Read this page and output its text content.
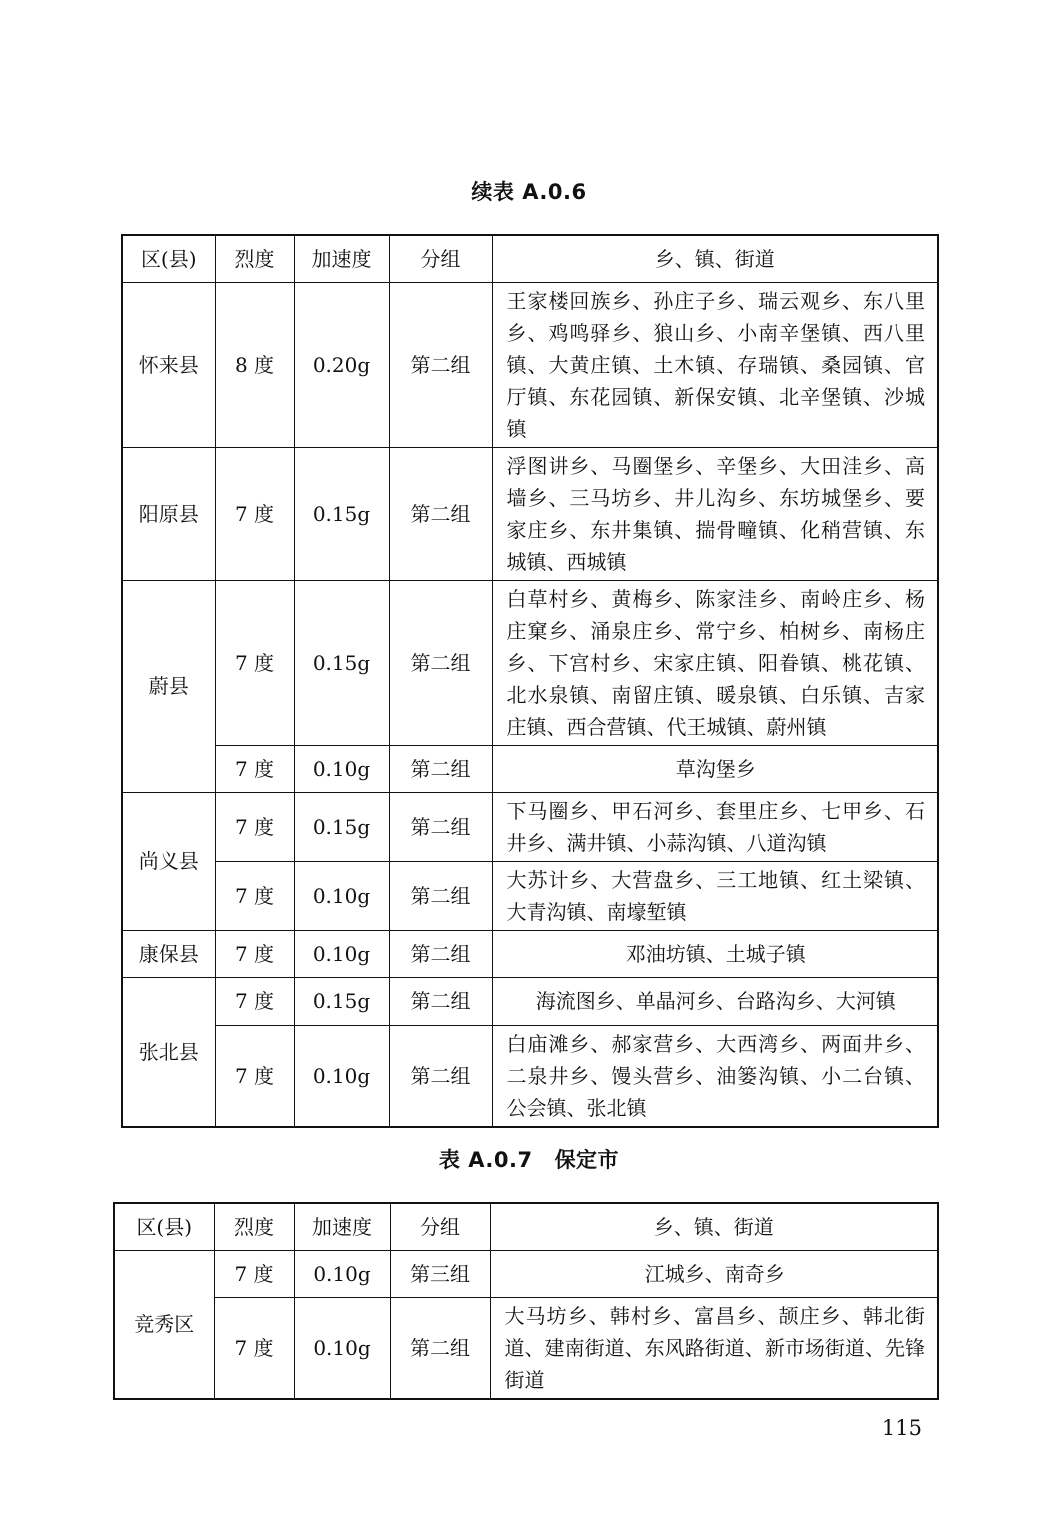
续表 A.0.6
区(县)	烈度	加速度	分组	乡、镇、街道
怀来县	8 度	0.20g	第二组	王家楼回族乡、孙庄子乡、瑞云观乡、东八里乡、鸡鸣驿乡、狼山乡、小南辛堡镇、西八里镇、大黄庄镇、土木镇、存瑞镇、桑园镇、官厅镇、东花园镇、新保安镇、北辛堡镇、沙城镇
阳原县	7 度	0.15g	第二组	浮图讲乡、马圈堡乡、辛堡乡、大田洼乡、高墙乡、三马坊乡、井儿沟乡、东坊城堡乡、要家庄乡、东井集镇、揣骨疃镇、化稍营镇、东城镇、西城镇
蔚县	7 度	0.15g	第二组	白草村乡、黄梅乡、陈家洼乡、南岭庄乡、杨庄窠乡、涌泉庄乡、常宁乡、柏树乡、南杨庄乡、下宫村乡、宋家庄镇、阳眷镇、桃花镇、北水泉镇、南留庄镇、暖泉镇、白乐镇、吉家庄镇、西合营镇、代王城镇、蔚州镇
	7 度	0.10g	第二组	草沟堡乡
尚义县	7 度	0.15g	第二组	下马圈乡、甲石河乡、套里庄乡、七甲乡、石井乡、满井镇、小蒜沟镇、八道沟镇
	7 度	0.10g	第二组	大苏计乡、大营盘乡、三工地镇、红土梁镇、大青沟镇、南壕堑镇
康保县	7 度	0.10g	第二组	邓油坊镇、土城子镇
张北县	7 度	0.15g	第二组	海流图乡、单晶河乡、台路沟乡、大河镇
	7 度	0.10g	第二组	白庙滩乡、郝家营乡、大西湾乡、两面井乡、二泉井乡、馒头营乡、油篓沟镇、小二台镇、公会镇、张北镇
表 A.0.7 保定市
区(县)	烈度	加速度	分组	乡、镇、街道
竞秀区	7 度	0.10g	第三组	江城乡、南奇乡
	7 度	0.10g	第二组	大马坊乡、韩村乡、富昌乡、颉庄乡、韩北街道、建南街道、东风路街道、新市场街道、先锋街道
115
